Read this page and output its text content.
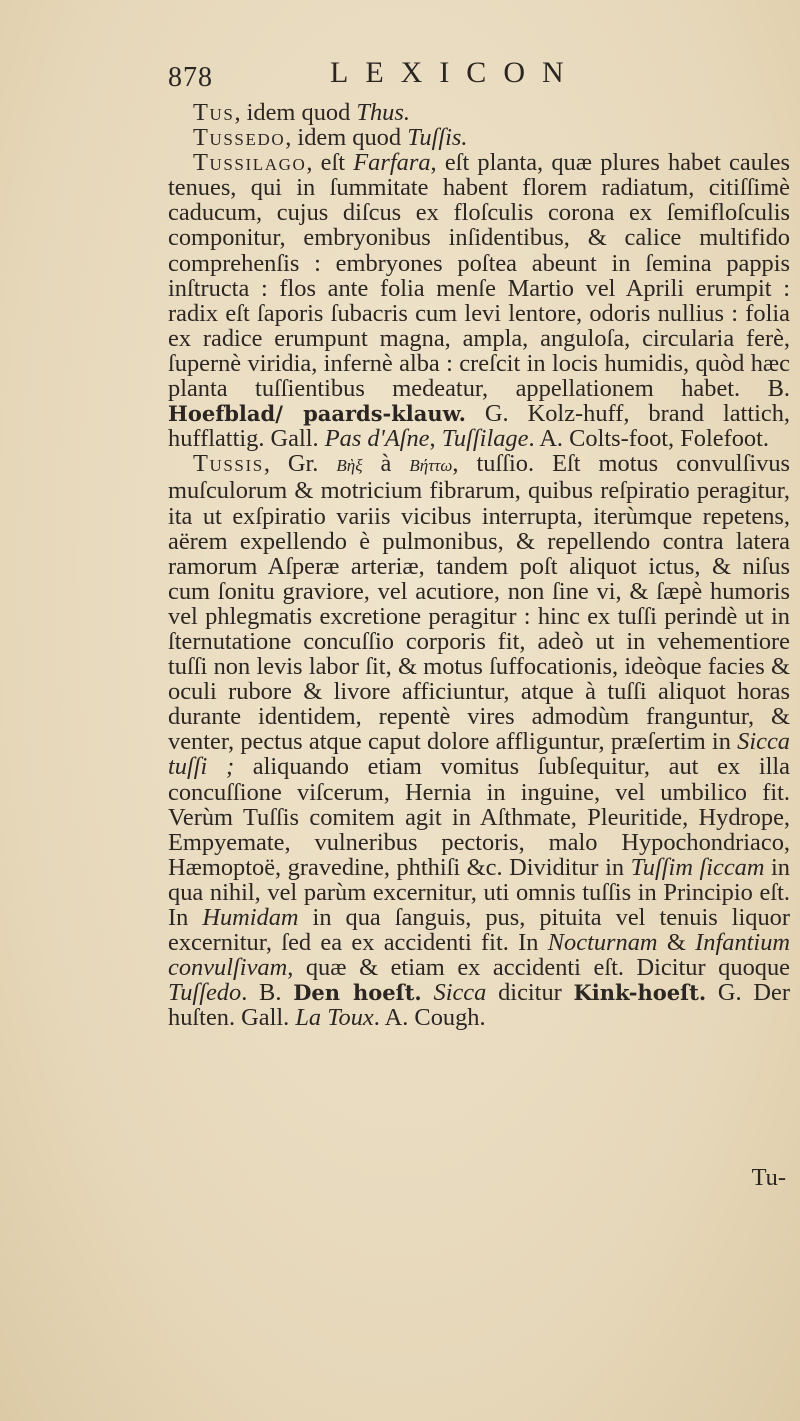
878	LEXICON

Tus, idem quod Thus.

Tussedo, idem quod Tuſſis.

Tussilago, eſt Farfara, eſt planta, quæ plures habet caules tenues, qui in ſummitate habent florem radiatum, citiſſimè caducum, cujus diſcus ex floſculis corona ex ſemifloſculis componitur, embryonibus inſidentibus, & calice multifido comprehenſis : embryones poſtea abeunt in ſemina pappis inſtructa : flos ante folia menſe Martio vel Aprili erumpit : radix eſt ſaporis ſubacris cum levi lentore, odoris nullius : folia ex radice erumpunt magna, ampla, anguloſa, circularia ferè, ſupernè viridia, infernè alba : creſcit in locis humidis, quòd hæc planta tuſſientibus medeatur, appellationem habet. B. Hoefblad/ paards-klauw. G. Kolz-huff, brand lattich, hufflattig. Gall. Pas d'Aſne, Tuſſilage. A. Colts-foot, Folefoot.

Tussis, Gr. Βὴξ à Βήττω, tuſſio. Eſt motus convulſivus muſculorum & motricium fibrarum, quibus reſpiratio peragitur, ita ut exſpiratio variis vicibus interrupta, iterùmque repetens, aërem expellendo è pulmonibus, & repellendo contra latera ramorum Aſperæ arteriæ, tandem poſt aliquot ictus, & niſus cum ſonitu graviore, vel acutiore, non ſine vi, & ſæpè humoris vel phlegmatis excretione peragitur : hinc ex tuſſi perindè ut in ſternutatione concuſſio corporis fit, adeò ut in vehementiore tuſſi non levis labor ſit, & motus ſuffocationis, ideòque facies & oculi rubore & livore afficiuntur, atque à tuſſi aliquot horas durante identidem, repentè vires admodùm franguntur, & venter, pectus atque caput dolore affliguntur, præſertim in Sicca tuſſi ; aliquando etiam vomitus ſubſequitur, aut ex illa concuſſione viſcerum, Hernia in inguine, vel umbilico fit. Verùm Tuſſis comitem agit in Aſthmate, Pleuritide, Hydrope, Empyemate, vulneribus pectoris, malo Hypochondriaco, Hæmoptoë, gravedine, phthiſi &c. Dividitur in Tuſſim ſiccam in qua nihil, vel parùm excernitur, uti omnis tuſſis in Principio eſt. In Humidam in qua ſanguis, pus, pituita vel tenuis liquor excernitur, ſed ea ex accidenti fit. In Nocturnam & Infantium convulſivam, quæ & etiam ex accidenti eſt. Dicitur quoque Tuſſedo. B. Den hoeſt. Sicca dicitur Kink-hoeſt. G. Der huſten. Gall. La Toux. A. Cough.

Tu-
